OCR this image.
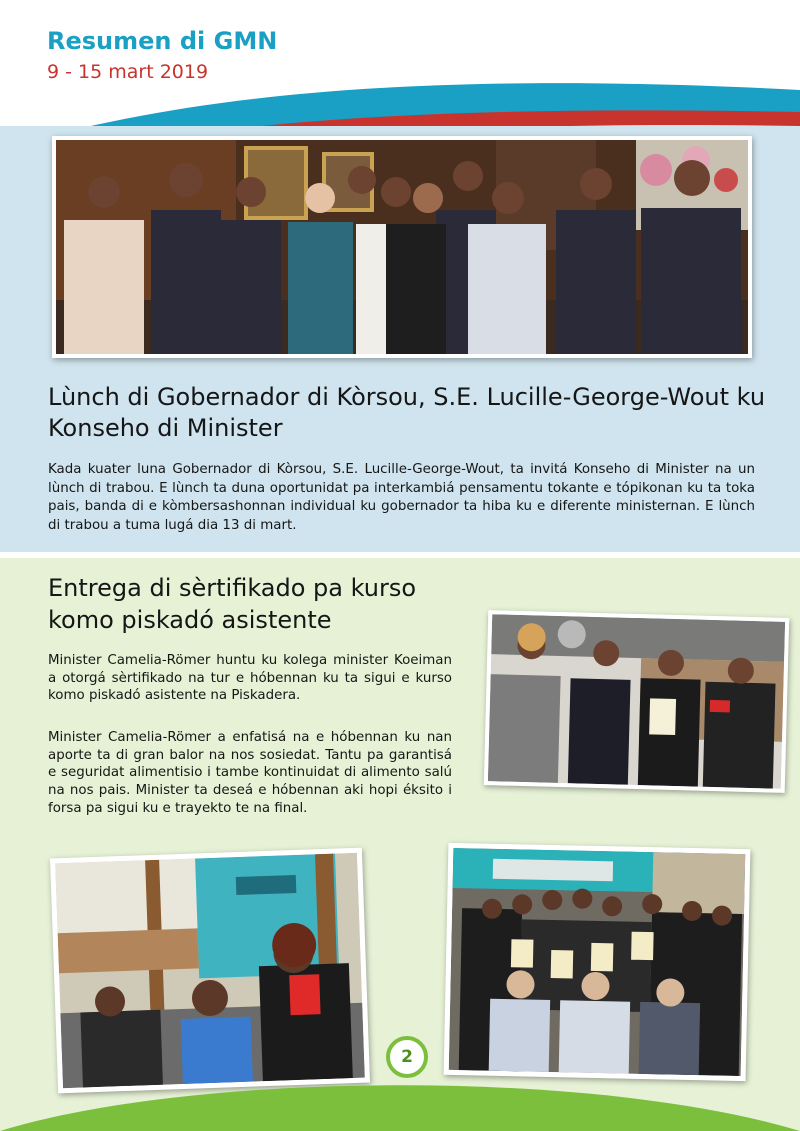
Resumen di GMN
9 - 15 mart 2019
Lùnch di Gobernador di Kòrsou, S.E. Lucille-George-Wout ku Konseho di Minister
Kada kuater luna Gobernador di Kòrsou, S.E. Lucille-George-Wout, ta invitá Konseho di Minister na un lùnch di trabou. E lùnch ta duna oportunidat pa interkambiá pensamentu tokante e tópikonan ku ta toka pais, banda di e kòmbersashonnan individual ku gobernador ta hiba ku e diferente ministernan. E lùnch di trabou a tuma lugá dia 13 di mart.
Entrega di sèrtifikado pa kurso komo piskadó asistente
Minister Camelia-Römer huntu ku kolega minister Koeiman a otorgá sèrtifikado na tur e hóbennan ku ta sigui e kurso komo piskadó asistente na Piskadera.
Minister Camelia-Römer a enfatisá na e hóbennan ku nan aporte ta di gran balor na nos sosiedat. Tantu pa garantisá e seguridat alimentisio i tambe kontinuidat di alimento salú na nos pais. Minister ta deseá e hóbennan aki hopi éksito i forsa pa sigui ku e trayekto te na final.
2
